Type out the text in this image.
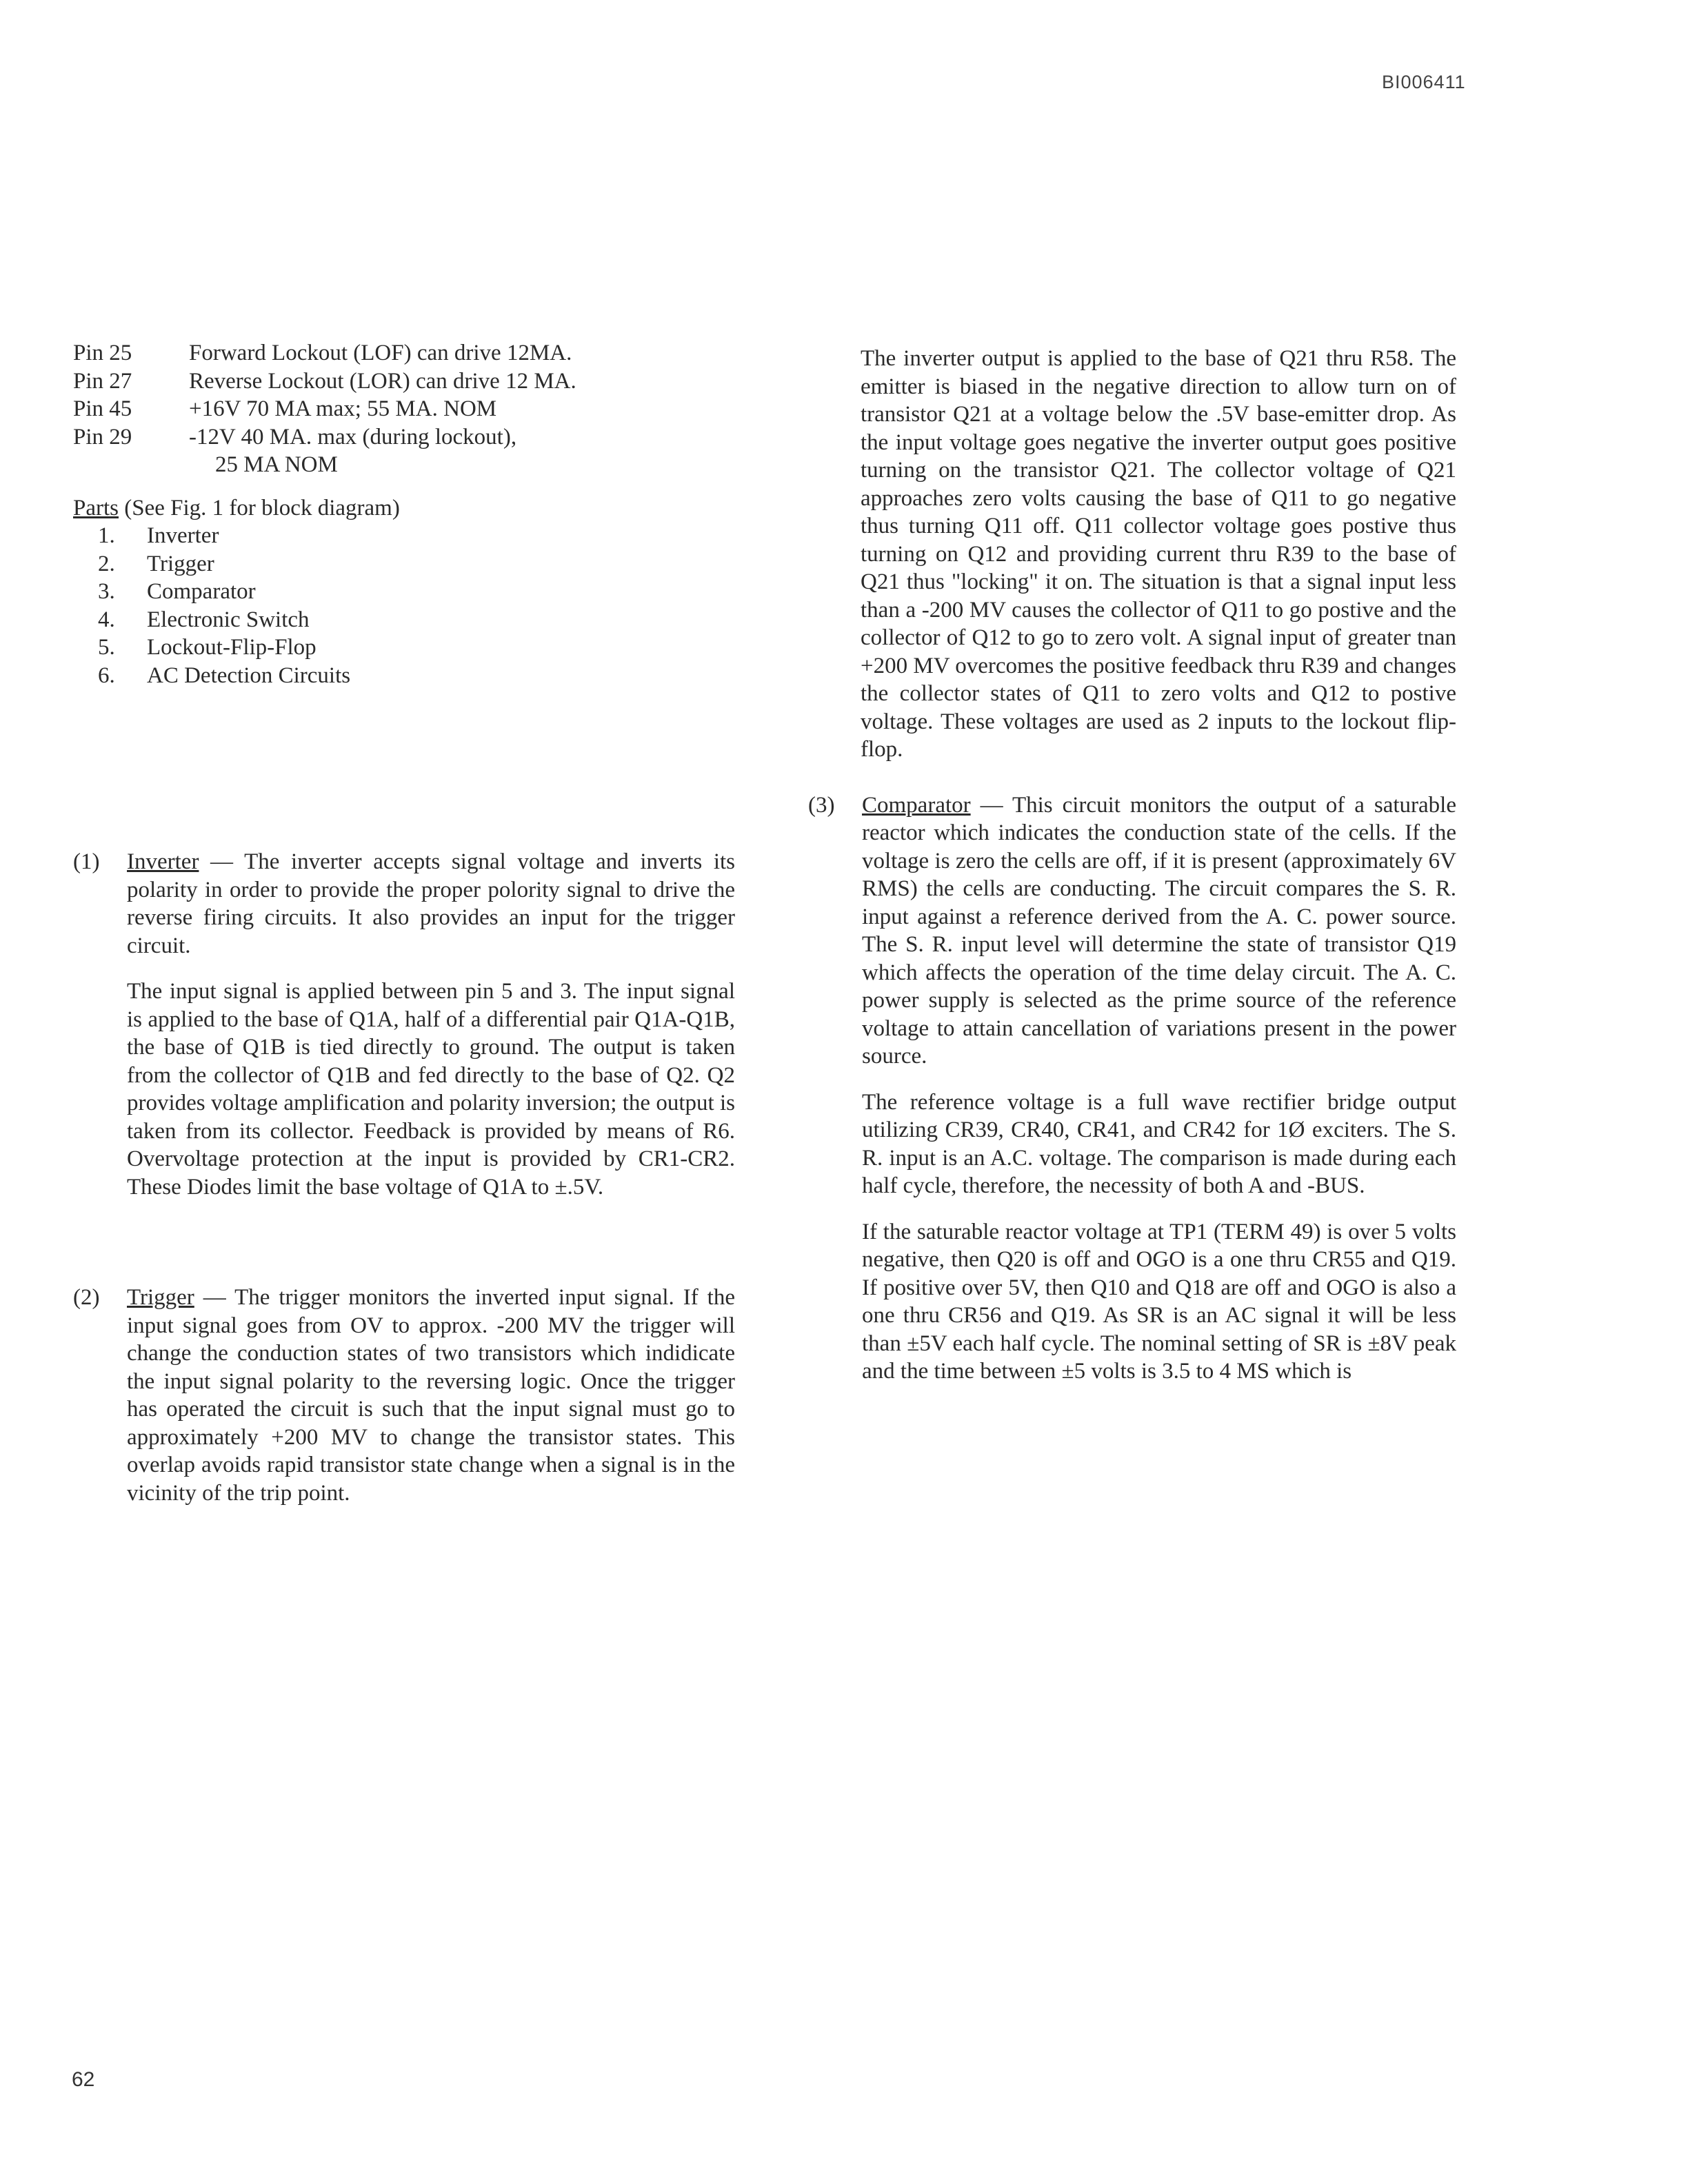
BI006411
Pin 25	Forward Lockout (LOF) can drive 12MA.
Pin 27	Reverse Lockout (LOR) can drive 12 MA.
Pin 45	+16V 70 MA max; 55 MA. NOM
Pin 29	-12V 40 MA. max (during lockout),
25 MA NOM
Parts (See Fig. 1 for block diagram)
1.	Inverter
2.	Trigger
3.	Comparator
4.	Electronic Switch
5.	Lockout-Flip-Flop
6.	AC Detection Circuits
(1)	Inverter — The inverter accepts signal voltage and inverts its polarity in order to provide the proper polority signal to drive the reverse firing circuits. It also provides an input for the trigger circuit.
The input signal is applied between pin 5 and 3. The input signal is applied to the base of Q1A, half of a differential pair Q1A-Q1B, the base of Q1B is tied directly to ground. The output is taken from the collector of Q1B and fed directly to the base of Q2. Q2 provides voltage amplification and polarity inversion; the output is taken from its collector. Feedback is provided by means of R6. Overvoltage protection at the input is provided by CR1-CR2. These Diodes limit the base voltage of Q1A to ±.5V.
(2)	Trigger — The trigger monitors the inverted input signal. If the input signal goes from OV to approx. -200 MV the trigger will change the conduction states of two transistors which indidicate the input signal polarity to the reversing logic. Once the trigger has operated the circuit is such that the input signal must go to approximately +200 MV to change the transistor states. This overlap avoids rapid transistor state change when a signal is in the vicinity of the trip point.
The inverter output is applied to the base of Q21 thru R58. The emitter is biased in the negative direction to allow turn on of transistor Q21 at a voltage below the .5V base-emitter drop. As the input voltage goes negative the inverter output goes positive turning on the transistor Q21. The collector voltage of Q21 approaches zero volts causing the base of Q11 to go negative thus turning Q11 off. Q11 collector voltage goes postive thus turning on Q12 and providing current thru R39 to the base of Q21 thus "locking" it on. The situation is that a signal input less than a -200 MV causes the collector of Q11 to go postive and the collector of Q12 to go to zero volt. A signal input of greater tnan +200 MV overcomes the positive feedback thru R39 and changes the collector states of Q11 to zero volts and Q12 to postive voltage. These voltages are used as 2 inputs to the lockout flip-flop.
(3)	Comparator — This circuit monitors the output of a saturable reactor which indicates the conduction state of the cells. If the voltage is zero the cells are off, if it is present (approximately 6V RMS) the cells are conducting. The circuit compares the S. R. input against a reference derived from the A. C. power source. The S. R. input level will determine the state of transistor Q19 which affects the operation of the time delay circuit. The A. C. power supply is selected as the prime source of the reference voltage to attain cancellation of variations present in the power source.
The reference voltage is a full wave rectifier bridge output utilizing CR39, CR40, CR41, and CR42 for 1Ø exciters. The S. R. input is an A.C. voltage. The comparison is made during each half cycle, therefore, the necessity of both A and -BUS.
If the saturable reactor voltage at TP1 (TERM 49) is over 5 volts negative, then Q20 is off and OGO is a one thru CR55 and Q19. If positive over 5V, then Q10 and Q18 are off and OGO is also a one thru CR56 and Q19. As SR is an AC signal it will be less than ±5V each half cycle. The nominal setting of SR is ±8V peak and the time between ±5 volts is 3.5 to 4 MS which is
62
